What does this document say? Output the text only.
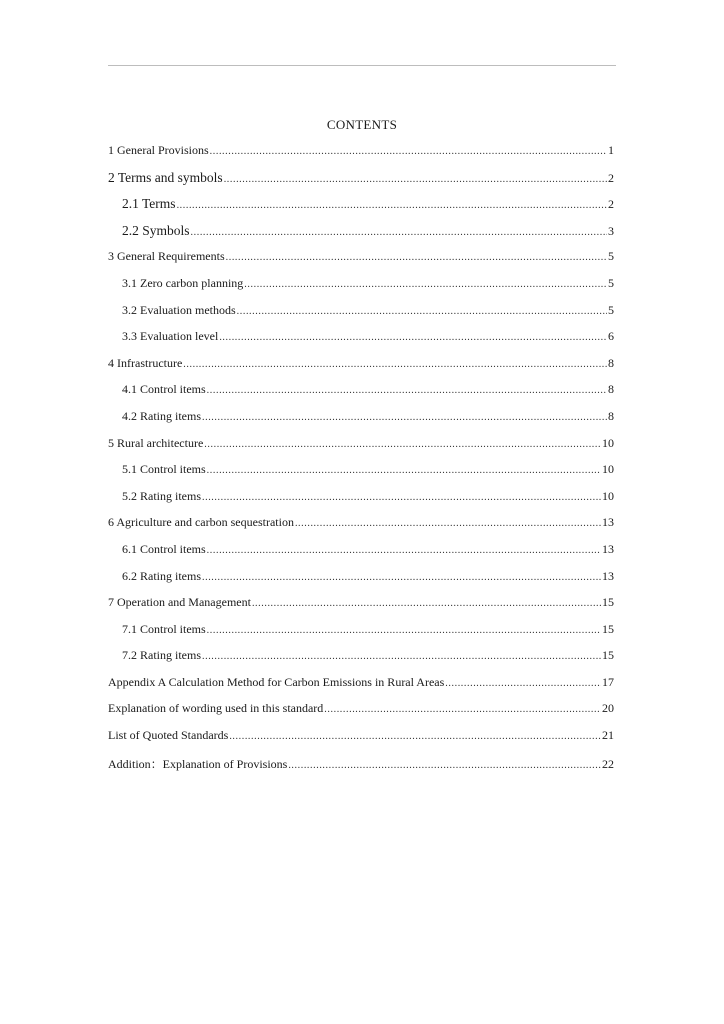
CONTENTS
1 General Provisions .....	1
2 Terms and symbols .....	2
2.1 Terms .....	2
2.2 Symbols .....	3
3 General Requirements .....	5
3.1 Zero carbon planning .....	5
3.2 Evaluation methods .....	5
3.3 Evaluation level .....	6
4 Infrastructure .....	8
4.1 Control items .....	8
4.2 Rating items .....	8
5 Rural architecture .....	10
5.1 Control items .....	10
5.2 Rating items .....	10
6 Agriculture and carbon sequestration .....	13
6.1 Control items .....	13
6.2 Rating items .....	13
7 Operation and Management .....	15
7.1 Control items .....	15
7.2 Rating items .....	15
Appendix A Calculation Method for Carbon Emissions in Rural Areas .....	17
Explanation of wording used in this standard .....	20
List of Quoted Standards .....	21
Addition：Explanation of Provisions .....	22
